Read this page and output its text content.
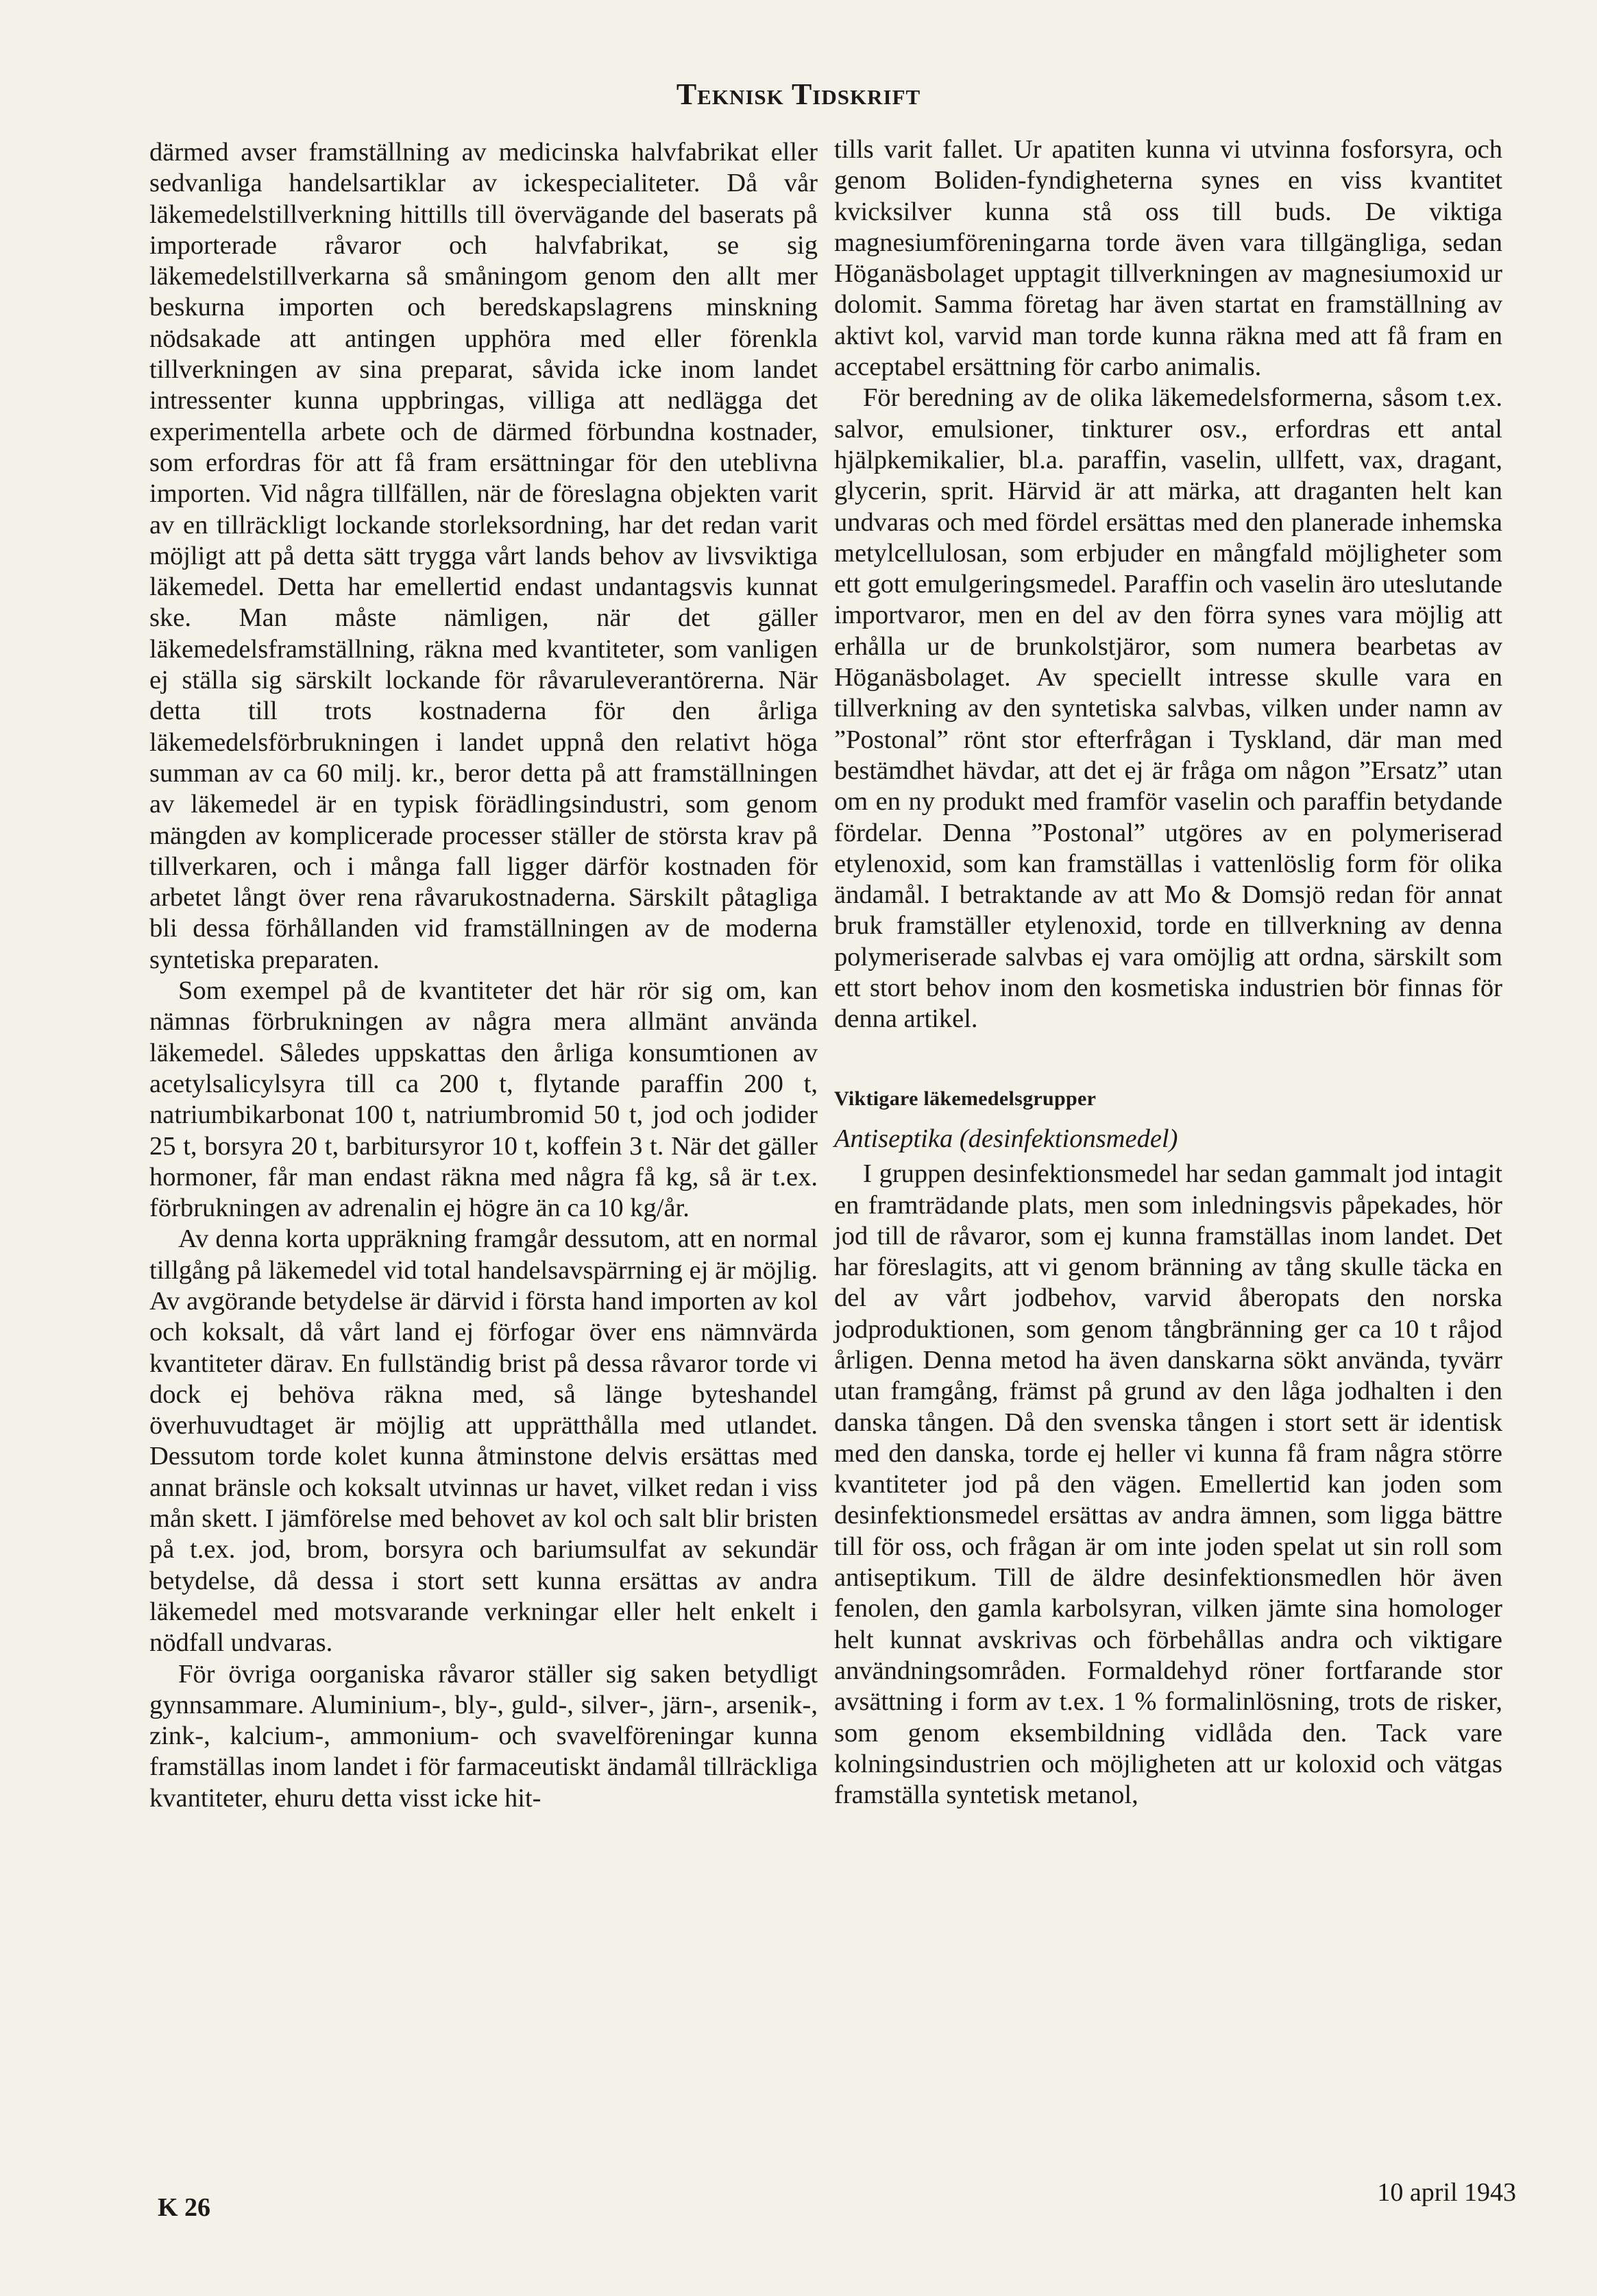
Teknisk Tidskrift

därmed avser framställning av medicinska halvfabrikat eller sedvanliga handelsartiklar av ickespecialiteter. Då vår läkemedelstillverkning hittills till övervägande del baserats på importerade råvaror och halvfabrikat, se sig läkemedelstillverkarna så småningom genom den allt mer beskurna importen och beredskapslagrens minskning nödsakade att antingen upphöra med eller förenkla tillverkningen av sina preparat, såvida icke inom landet intressenter kunna uppbringas, villiga att nedlägga det experimentella arbete och de därmed förbundna kostnader, som erfordras för att få fram ersättningar för den uteblivna importen. Vid några tillfällen, när de föreslagna objekten varit av en tillräckligt lockande storleksordning, har det redan varit möjligt att på detta sätt trygga vårt lands behov av livsviktiga läkemedel. Detta har emellertid endast undantagsvis kunnat ske. Man måste nämligen, när det gäller läkemedelsframställning, räkna med kvantiteter, som vanligen ej ställa sig särskilt lockande för råvaruleverantörerna. När detta till trots kostnaderna för den årliga läkemedelsförbrukningen i landet uppnå den relativt höga summan av ca 60 milj. kr., beror detta på att framställningen av läkemedel är en typisk förädlingsindustri, som genom mängden av komplicerade processer ställer de största krav på tillverkaren, och i många fall ligger därför kostnaden för arbetet långt över rena råvarukostnaderna. Särskilt påtagliga bli dessa förhållanden vid framställningen av de moderna syntetiska preparaten.

Som exempel på de kvantiteter det här rör sig om, kan nämnas förbrukningen av några mera allmänt använda läkemedel. Således uppskattas den årliga konsumtionen av acetylsalicylsyra till ca 200 t, flytande paraffin 200 t, natriumbikarbonat 100 t, natriumbromid 50 t, jod och jodider 25 t, borsyra 20 t, barbitursyror 10 t, koffein 3 t. När det gäller hormoner, får man endast räkna med några få kg, så är t.ex. förbrukningen av adrenalin ej högre än ca 10 kg/år.

Av denna korta uppräkning framgår dessutom, att en normal tillgång på läkemedel vid total handelsavspärrning ej är möjlig. Av avgörande betydelse är därvid i första hand importen av kol och koksalt, då vårt land ej förfogar över ens nämnvärda kvantiteter därav. En fullständig brist på dessa råvaror torde vi dock ej behöva räkna med, så länge byteshandel överhuvudtaget är möjlig att upprätthålla med utlandet. Dessutom torde kolet kunna åtminstone delvis ersättas med annat bränsle och koksalt utvinnas ur havet, vilket redan i viss mån skett. I jämförelse med behovet av kol och salt blir bristen på t.ex. jod, brom, borsyra och bariumsulfat av sekundär betydelse, då dessa i stort sett kunna ersättas av andra läkemedel med motsvarande verkningar eller helt enkelt i nödfall undvaras.

För övriga oorganiska råvaror ställer sig saken betydligt gynnsammare. Aluminium-, bly-, guld-, silver-, järn-, arsenik-, zink-, kalcium-, ammonium- och svavelföreningar kunna framställas inom landet i för farmaceutiskt ändamål tillräckliga kvantiteter, ehuru detta visst icke hit-

tills varit fallet. Ur apatiten kunna vi utvinna fosforsyra, och genom Boliden-fyndigheterna synes en viss kvantitet kvicksilver kunna stå oss till buds. De viktiga magnesiumföreningarna torde även vara tillgängliga, sedan Höganäsbolaget upptagit tillverkningen av magnesiumoxid ur dolomit. Samma företag har även startat en framställning av aktivt kol, varvid man torde kunna räkna med att få fram en acceptabel ersättning för carbo animalis.

För beredning av de olika läkemedelsformerna, såsom t.ex. salvor, emulsioner, tinkturer osv., erfordras ett antal hjälpkemikalier, bl.a. paraffin, vaselin, ullfett, vax, dragant, glycerin, sprit. Härvid är att märka, att draganten helt kan undvaras och med fördel ersättas med den planerade inhemska metylcellulosan, som erbjuder en mångfald möjligheter som ett gott emulgeringsmedel. Paraffin och vaselin äro uteslutande importvaror, men en del av den förra synes vara möjlig att erhålla ur de brunkolstjäror, som numera bearbetas av Höganäsbolaget. Av speciellt intresse skulle vara en tillverkning av den syntetiska salvbas, vilken under namn av ”Postonal” rönt stor efterfrågan i Tyskland, där man med bestämdhet hävdar, att det ej är fråga om någon ”Ersatz” utan om en ny produkt med framför vaselin och paraffin betydande fördelar. Denna ”Postonal” utgöres av en polymeriserad etylenoxid, som kan framställas i vattenlöslig form för olika ändamål. I betraktande av att Mo & Domsjö redan för annat bruk framställer etylenoxid, torde en tillverkning av denna polymeriserade salvbas ej vara omöjlig att ordna, särskilt som ett stort behov inom den kosmetiska industrien bör finnas för denna artikel.

Viktigare läkemedelsgrupper
Antiseptika (desinfektionsmedel)

I gruppen desinfektionsmedel har sedan gammalt jod intagit en framträdande plats, men som inledningsvis påpekades, hör jod till de råvaror, som ej kunna framställas inom landet. Det har föreslagits, att vi genom bränning av tång skulle täcka en del av vårt jodbehov, varvid åberopats den norska jodproduktionen, som genom tångbränning ger ca 10 t råjod årligen. Denna metod ha även danskarna sökt använda, tyvärr utan framgång, främst på grund av den låga jodhalten i den danska tången. Då den svenska tången i stort sett är identisk med den danska, torde ej heller vi kunna få fram några större kvantiteter jod på den vägen. Emellertid kan joden som desinfektionsmedel ersättas av andra ämnen, som ligga bättre till för oss, och frågan är om inte joden spelat ut sin roll som antiseptikum. Till de äldre desinfektionsmedlen hör även fenolen, den gamla karbolsyran, vilken jämte sina homologer helt kunnat avskrivas och förbehållas andra och viktigare användningsområden. Formaldehyd röner fortfarande stor avsättning i form av t.ex. 1 % formalinlösning, trots de risker, som genom eksembildning vidlåda den. Tack vare kolningsindustrien och möjligheten att ur koloxid och vätgas framställa syntetisk metanol,

K 26
10 april 1943
